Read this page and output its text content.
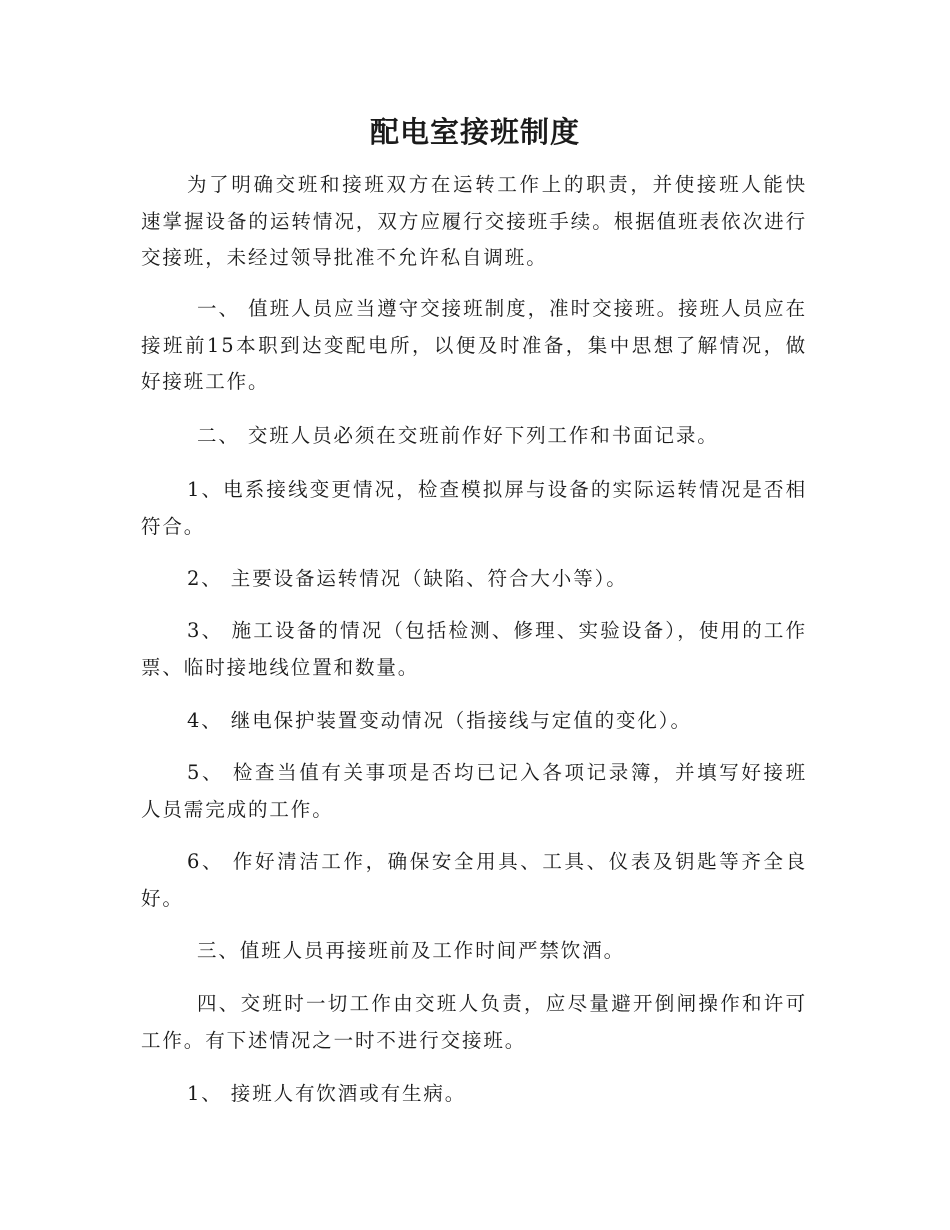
配电室接班制度

为了明确交班和接班双方在运转工作上的职责，并使接班人能快速掌握设备的运转情况，双方应履行交接班手续。根据值班表依次进行交接班，未经过领导批准不允许私自调班。

一、 值班人员应当遵守交接班制度，准时交接班。接班人员应在接班前15本职到达变配电所，以便及时准备，集中思想了解情况，做好接班工作。

二、 交班人员必须在交班前作好下列工作和书面记录。

1、电系接线变更情况，检查模拟屏与设备的实际运转情况是否相符合。

2、 主要设备运转情况（缺陷、符合大小等）。

3、 施工设备的情况（包括检测、修理、实验设备），使用的工作票、临时接地线位置和数量。

4、 继电保护装置变动情况（指接线与定值的变化）。

5、 检查当值有关事项是否均已记入各项记录簿，并填写好接班人员需完成的工作。

6、 作好清洁工作，确保安全用具、工具、仪表及钥匙等齐全良好。

三、值班人员再接班前及工作时间严禁饮酒。

四、交班时一切工作由交班人负责，应尽量避开倒闸操作和许可工作。有下述情况之一时不进行交接班。

1、 接班人有饮酒或有生病。
